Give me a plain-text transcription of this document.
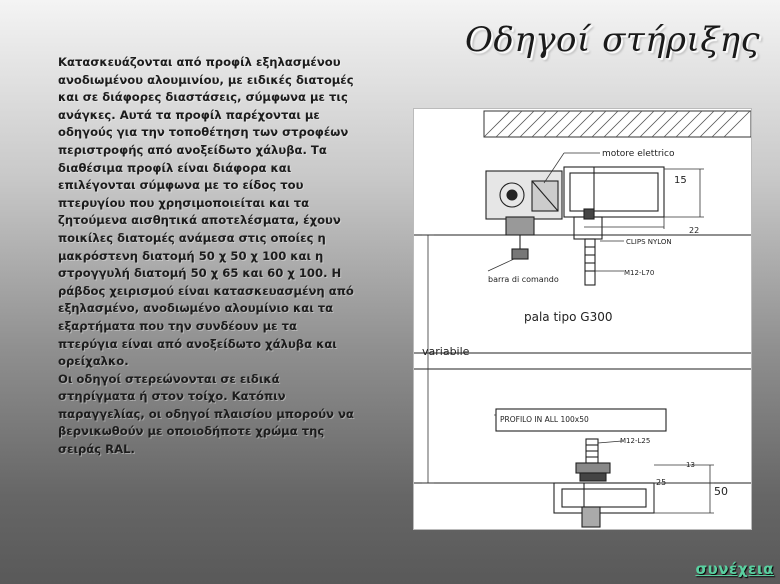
Οδηγοί στήριξης
Κατασκευάζονται από προφίλ εξηλασμένου ανοδιωμένου αλουμινίου, με ειδικές διατομές και σε διάφορες διαστάσεις, σύμφωνα με τις ανάγκες. Αυτά τα προφίλ παρέχονται με οδηγούς για την τοποθέτηση των στροφέων περιστροφής από ανοξείδωτο χάλυβα. Τα διαθέσιμα προφίλ είναι διάφορα και επιλέγονται σύμφωνα με το είδος του πτερυγίου που χρησιμοποιείται και τα ζητούμενα αισθητικά αποτελέσματα, έχουν ποικίλες διατομές ανάμεσα στις οποίες η μακρόστενη διατομή 50 χ 50 χ 100 και η στρογγυλή διατομή 50 χ 65 και 60 χ 100. Η ράβδος χειρισμού είναι κατασκευασμένη από εξηλασμένο, ανοδιωμένο αλουμίνιο και τα εξαρτήματα που την συνδέουν με τα πτερύγια είναι από ανοξείδωτο χάλυβα και ορείχαλκο.
Οι οδηγοί στερεώνονται σε ειδικά στηρίγματα ή στον τοίχο. Κατόπιν παραγγελίας, οι οδηγοί πλαισίου μπορούν να βερνικωθούν με οποιοδήποτε χρώμα της σειράς RAL.
motore elettrico
15
22
CLIPS NYLON
M12-L70
barra di comando
pala tipo G300
variabile
PROFILO IN ALL 100x50
M12-L25
13
25
50
συνέχεια
